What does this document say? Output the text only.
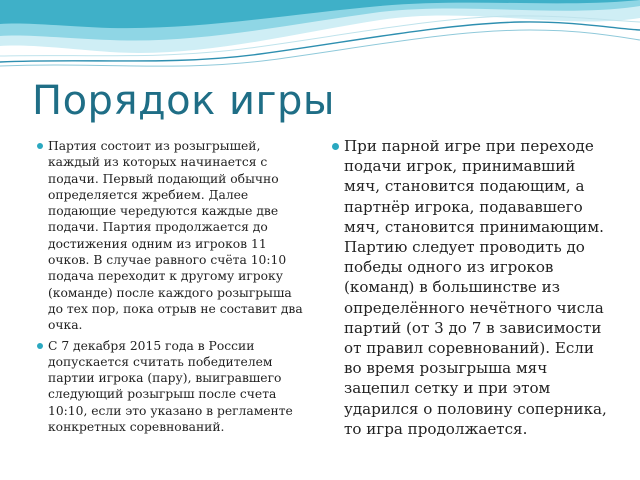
Порядок игры
Партия состоит из розыгрышей, каждый из которых начинается с подачи. Первый подающий обычно определяется жребием. Далее подающие чередуются каждые две подачи. Партия продолжается до достижения одним из игроков 11 очков. В случае равного счёта 10:10 подача переходит к другому игроку (команде) после каждого розыгрыша до тех пор, пока отрыв не составит два очка.
С 7 декабря 2015 года в России допускается считать победителем партии игрока (пару), выигравшего следующий розыгрыш после счета 10:10, если это указано в регламенте конкретных соревнований.
При парной игре при переходе подачи игрок, принимавший мяч, становится подающим, а партнёр игрока, подававшего мяч, становится принимающим. Партию следует проводить до победы одного из игроков (команд) в большинстве из определённого нечётного числа партий (от 3 до 7 в зависимости от правил соревнований). Если во время розыгрыша мяч зацепил сетку и при этом ударился о половину соперника, то игра продолжается.
